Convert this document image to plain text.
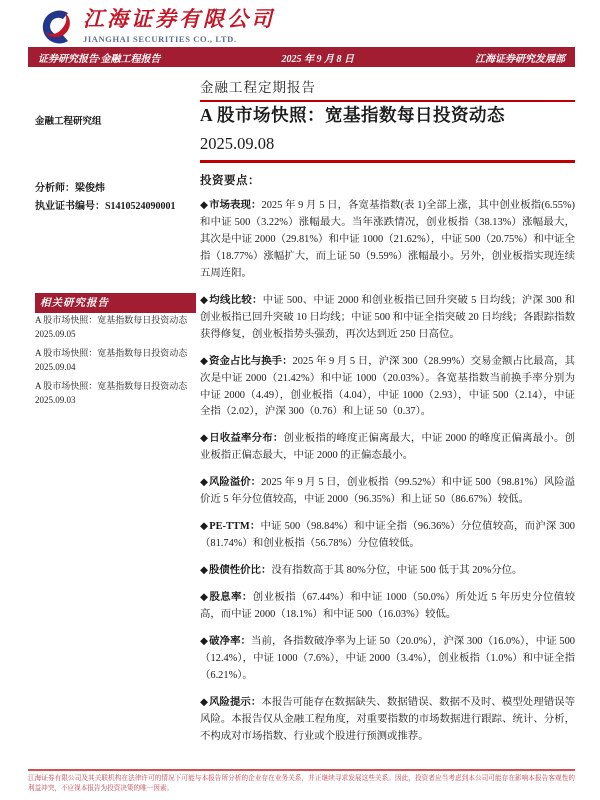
江海证券有限公司
JIANGHAI SECURITIES CO., LTD.
证券研究报告·金融工程报告	2025 年 9 月 8 日	江海证券研究发展部
金融工程定期报告
金融工程研究组	A 股市场快照：宽基指数每日投资动态
2025.09.08
分析师：梁俊炜
执业证书编号：S1410524090001
相关研究报告
A 股市场快照：宽基指数每日投资动态 2025.09.05
A 股市场快照：宽基指数每日投资动态 2025.09.04
A 股市场快照：宽基指数每日投资动态 2025.09.03
投资要点：
◆市场表现：2025 年 9 月 5 日，各宽基指数(表 1)全部上涨，其中创业板指(6.55%)和中证 500（3.22%）涨幅最大。当年涨跌情况，创业板指（38.13%）涨幅最大，其次是中证 2000（29.81%）和中证 1000（21.62%），中证 500（20.75%）和中证全指（18.77%）涨幅扩大，而上证 50（9.59%）涨幅最小。另外，创业板指实现连续五周连阳。
◆均线比较：中证 500、中证 2000 和创业板指已回升突破 5 日均线；沪深 300 和创业板指已回升突破 10 日均线；中证 500 和中证全指突破 20 日均线；各跟踪指数获得修复，创业板指势头强劲，再次达到近 250 日高位。
◆资金占比与换手：2025 年 9 月 5 日，沪深 300（28.99%）交易金额占比最高，其次是中证 2000（21.42%）和中证 1000（20.03%）。各宽基指数当前换手率分别为中证 2000（4.49），创业板指（4.04），中证 1000（2.93），中证 500（2.14），中证全指（2.02），沪深 300（0.76）和上证 50（0.37）。
◆日收益率分布：创业板指的峰度正偏离最大，中证 2000 的峰度正偏离最小。创业板指正偏态最大，中证 2000 的正偏态最小。
◆风险溢价：2025 年 9 月 5 日，创业板指（99.52%）和中证 500（98.81%）风险溢价近 5 年分位值较高，中证 2000（96.35%）和上证 50（86.67%）较低。
◆PE-TTM：中证 500（98.84%）和中证全指（96.36%）分位值较高，而沪深 300（81.74%）和创业板指（56.78%）分位值较低。
◆股债性价比：没有指数高于其 80%分位，中证 500 低于其 20%分位。
◆股息率：创业板指（67.44%）和中证 1000（50.0%）所处近 5 年历史分位值较高，而中证 2000（18.1%）和中证 500（16.03%）较低。
◆破净率：当前，各指数破净率为上证 50（20.0%），沪深 300（16.0%），中证 500（12.4%），中证 1000（7.6%），中证 2000（3.4%），创业板指（1.0%）和中证全指（6.21%）。
◆风险提示：本报告可能存在数据缺失、数据错误、数据不及时、模型处理错误等风险。本报告仅从金融工程角度，对重要指数的市场数据进行跟踪、统计、分析，不构成对市场指数、行业或个股进行预测或推荐。
江海证券有限公司及其关联机构在法律许可的情况下可能与本报告所分析的企业存在业务关系，并正继续寻求发展这些关系。因此，投资者应当考虑到本公司可能存在影响本报告客观性的利益冲突，不应视本报告为投资决策的唯一因素。
